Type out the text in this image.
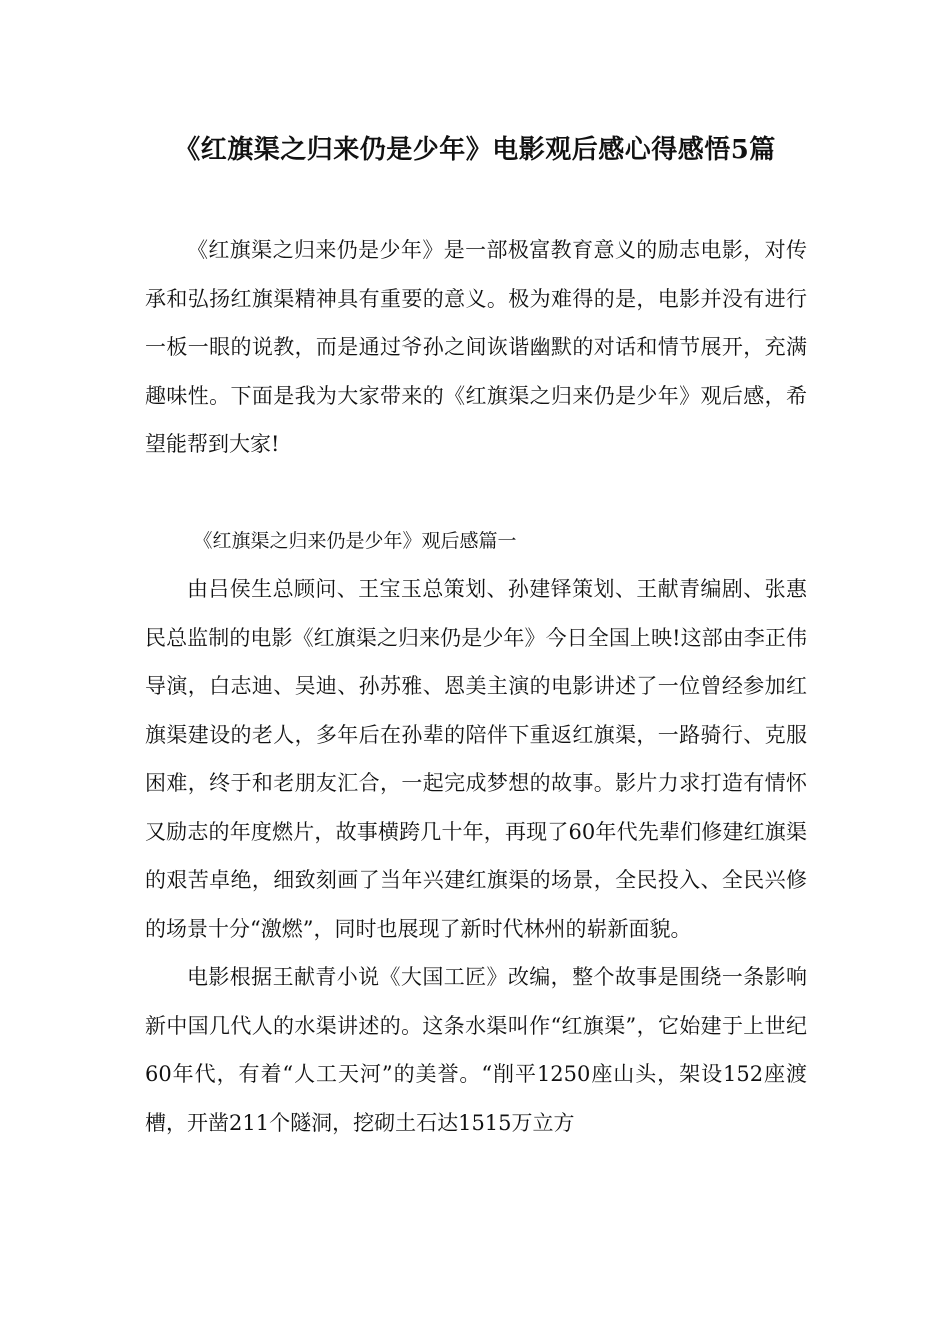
《红旗渠之归来仍是少年》电影观后感心得感悟5篇

《红旗渠之归来仍是少年》是一部极富教育意义的励志电影，对传承和弘扬红旗渠精神具有重要的意义。极为难得的是，电影并没有进行一板一眼的说教，而是通过爷孙之间诙谐幽默的对话和情节展开，充满趣味性。下面是我为大家带来的《红旗渠之归来仍是少年》观后感，希望能帮到大家!

《红旗渠之归来仍是少年》观后感篇一

由吕侯生总顾问、王宝玉总策划、孙建铎策划、王献青编剧、张惠民总监制的电影《红旗渠之归来仍是少年》今日全国上映!这部由李正伟导演，白志迪、吴迪、孙苏雅、恩美主演的电影讲述了一位曾经参加红旗渠建设的老人，多年后在孙辈的陪伴下重返红旗渠，一路骑行、克服困难，终于和老朋友汇合，一起完成梦想的故事。影片力求打造有情怀又励志的年度燃片，故事横跨几十年，再现了60年代先辈们修建红旗渠的艰苦卓绝，细致刻画了当年兴建红旗渠的场景，全民投入、全民兴修的场景十分“激燃”，同时也展现了新时代林州的崭新面貌。

电影根据王献青小说《大国工匠》改编，整个故事是围绕一条影响新中国几代人的水渠讲述的。这条水渠叫作“红旗渠”，它始建于上世纪60年代，有着“人工天河”的美誉。“削平1250座山头，架设152座渡槽，开凿211个隧洞，挖砌土石达1515万立方
